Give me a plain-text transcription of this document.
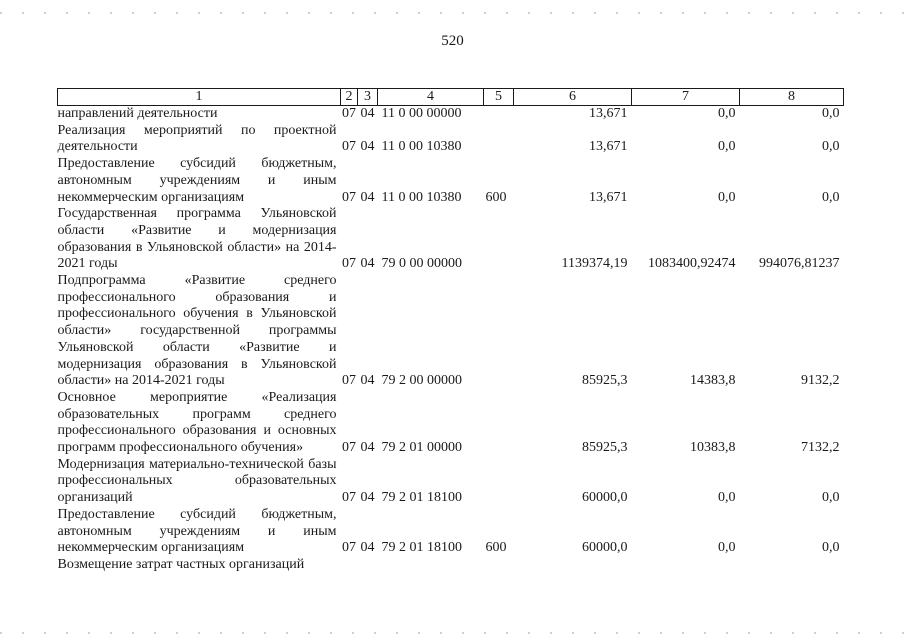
520
1	2	3	4	5	6	7	8
направлений деятельности	07	04	11 0 00 00000		13,671	0,0	0,0
Реализация мероприятий по проектной деятельности	07	04	11 0 00 10380		13,671	0,0	0,0
Предоставление субсидий бюджетным, автономным учреждениям и иным некоммерческим организациям	07	04	11 0 00 10380	600	13,671	0,0	0,0
Государственная программа Ульяновской области «Развитие и модернизация образования в Ульяновской области» на 2014-2021 годы	07	04	79 0 00 00000		1139374,19	1083400,92474	994076,81237
Подпрограмма «Развитие среднего профессионального образования и профессионального обучения в Ульяновской области» государственной программы Ульяновской области «Развитие и модернизация образования в Ульяновской области» на 2014-2021 годы	07	04	79 2 00 00000		85925,3	14383,8	9132,2
Основное мероприятие «Реализация образовательных программ среднего профессионального образования и основных программ профессионального обучения»	07	04	79 2 01 00000		85925,3	10383,8	7132,2
Модернизация материально-технической базы профессиональных образовательных организаций	07	04	79 2 01 18100		60000,0	0,0	0,0
Предоставление субсидий бюджетным, автономным учреждениям и иным некоммерческим организациям	07	04	79 2 01 18100	600	60000,0	0,0	0,0
Возмещение затрат частных организаций							
